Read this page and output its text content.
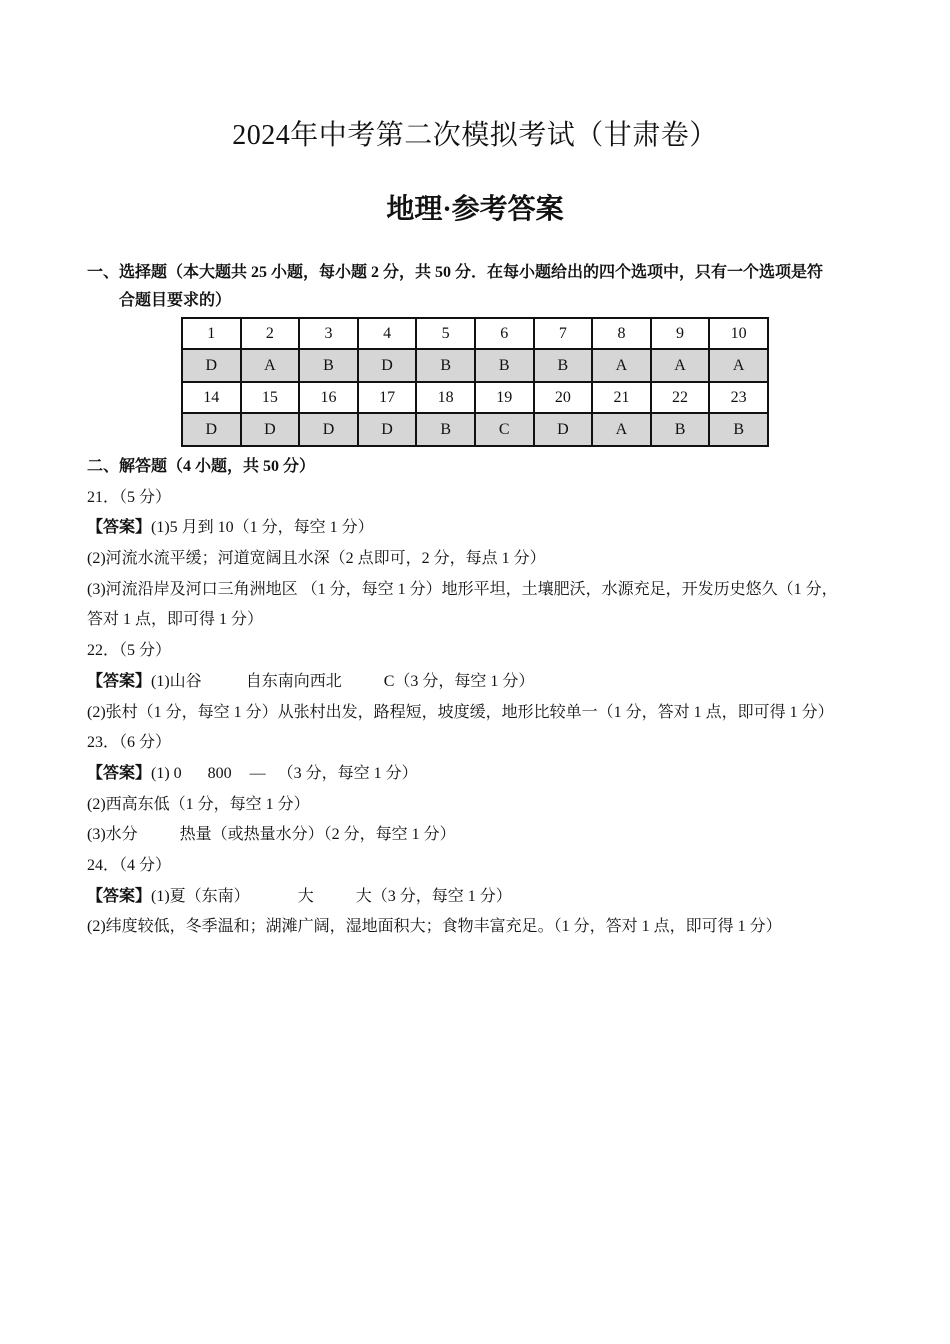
2024年中考第二次模拟考试（甘肃卷）
地理·参考答案
一、选择题（本大题共 25 小题，每小题 2 分，共 50 分．在每小题给出的四个选项中，只有一个选项是符
合题目要求的）
1	2	3	4	5	6	7	8	9	10
D	A	B	D	B	B	B	A	A	A
14	15	16	17	18	19	20	21	22	23
D	D	D	D	B	C	D	A	B	B
二、解答题（4 小题，共 50 分）
21．（5 分）
【答案】(1)5 月到 10（1 分，每空 1 分）
(2)河流水流平缓；河道宽阔且水深（2 点即可，2 分，每点 1 分）
(3)河流沿岸及河口三角洲地区 （1 分，每空 1 分）地形平坦，土壤肥沃，水源充足，开发历史悠久（1 分，
答对 1 点，即可得 1 分）
22．（5 分）
【答案】(1)山谷	自东南向西北	C（3 分，每空 1 分）
(2)张村（1 分，每空 1 分）从张村出发，路程短，坡度缓，地形比较单一（1 分，答对 1 点，即可得 1 分）
23．（6 分）
【答案】(1) 0 800 — （3 分，每空 1 分）
(2)西高东低（1 分，每空 1 分）
(3)水分	热量（或热量水分）（2 分，每空 1 分）
24．（4 分）
【答案】(1)夏（东南）	大	大（3 分，每空 1 分）
(2)纬度较低，冬季温和；湖滩广阔，湿地面积大；食物丰富充足。（1 分，答对 1 点，即可得 1 分）
